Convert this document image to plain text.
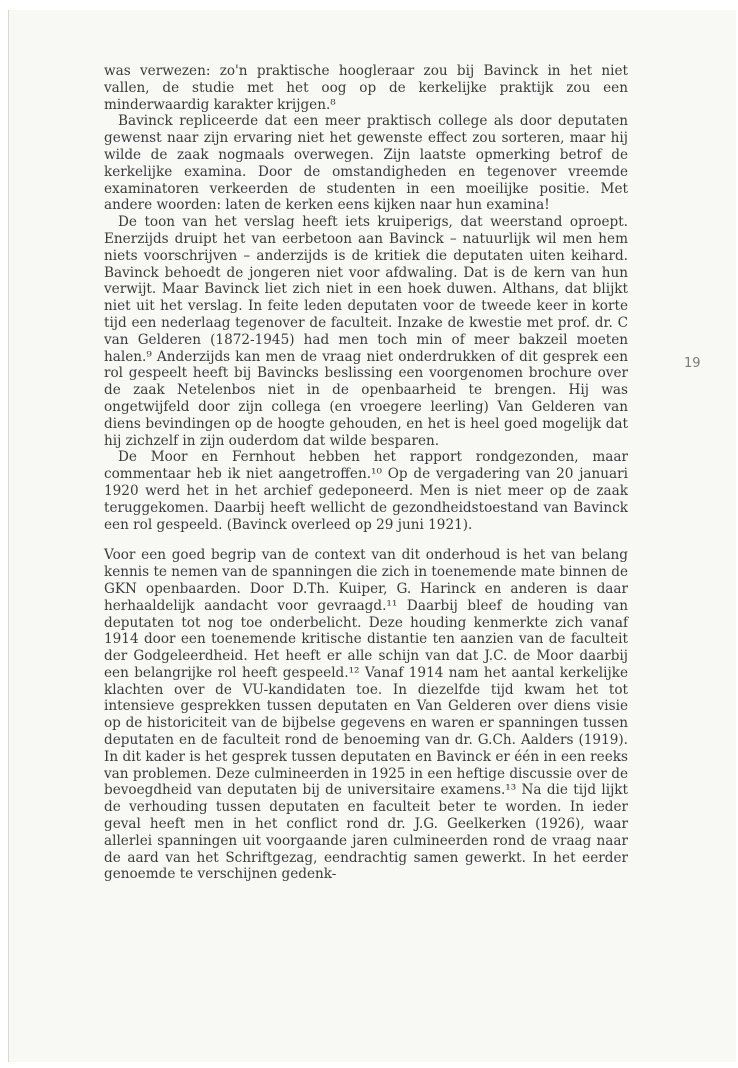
was verwezen: zo'n praktische hoogleraar zou bij Bavinck in het niet vallen, de studie met het oog op de kerkelijke praktijk zou een minderwaardig karakter krijgen.⁸

Bavinck repliceerde dat een meer praktisch college als door deputaten gewenst naar zijn ervaring niet het gewenste effect zou sorteren, maar hij wilde de zaak nogmaals overwegen. Zijn laatste opmerking betrof de kerkelijke examina. Door de omstandigheden en tegenover vreemde examinatoren verkeerden de studenten in een moeilijke positie. Met andere woorden: laten de kerken eens kijken naar hun examina!

De toon van het verslag heeft iets kruiperigs, dat weerstand oproept. Enerzijds druipt het van eerbetoon aan Bavinck – natuurlijk wil men hem niets voorschrijven – anderzijds is de kritiek die deputaten uiten keihard. Bavinck behoedt de jongeren niet voor afdwaling. Dat is de kern van hun verwijt. Maar Bavinck liet zich niet in een hoek duwen. Althans, dat blijkt niet uit het verslag. In feite leden deputaten voor de tweede keer in korte tijd een nederlaag tegenover de faculteit. Inzake de kwestie met prof. dr. C van Gelderen (1872-1945) had men toch min of meer bakzeil moeten halen.⁹ Anderzijds kan men de vraag niet onderdrukken of dit gesprek een rol gespeelt heeft bij Bavincks beslissing een voorgenomen brochure over de zaak Netelenbos niet in de openbaarheid te brengen. Hij was ongetwijfeld door zijn collega (en vroegere leerling) Van Gelderen van diens bevindingen op de hoogte gehouden, en het is heel goed mogelijk dat hij zichzelf in zijn ouderdom dat wilde besparen.

De Moor en Fernhout hebben het rapport rondgezonden, maar commentaar heb ik niet aangetroffen.¹⁰ Op de vergadering van 20 januari 1920 werd het in het archief gedeponeerd. Men is niet meer op de zaak teruggekomen. Daarbij heeft wellicht de gezondheidstoestand van Bavinck een rol gespeeld. (Bavinck overleed op 29 juni 1921).

Voor een goed begrip van de context van dit onderhoud is het van belang kennis te nemen van de spanningen die zich in toenemende mate binnen de GKN openbaarden. Door D.Th. Kuiper, G. Harinck en anderen is daar herhaaldelijk aandacht voor gevraagd.¹¹ Daarbij bleef de houding van deputaten tot nog toe onderbelicht. Deze houding kenmerkte zich vanaf 1914 door een toenemende kritische distantie ten aanzien van de faculteit der Godgeleerdheid. Het heeft er alle schijn van dat J.C. de Moor daarbij een belangrijke rol heeft gespeeld.¹² Vanaf 1914 nam het aantal kerkelijke klachten over de VU-kandidaten toe. In diezelfde tijd kwam het tot intensieve gesprekken tussen deputaten en Van Gelderen over diens visie op de historiciteit van de bijbelse gegevens en waren er spanningen tussen deputaten en de faculteit rond de benoeming van dr. G.Ch. Aalders (1919). In dit kader is het gesprek tussen deputaten en Bavinck er één in een reeks van problemen. Deze culmineerden in 1925 in een heftige discussie over de bevoegdheid van deputaten bij de universitaire examens.¹³ Na die tijd lijkt de verhouding tussen deputaten en faculteit beter te worden. In ieder geval heeft men in het conflict rond dr. J.G. Geelkerken (1926), waar allerlei spanningen uit voorgaande jaren culmineerden rond de vraag naar de aard van het Schriftgezag, eendrachtig samen gewerkt. In het eerder genoemde te verschijnen gedenk-

19
